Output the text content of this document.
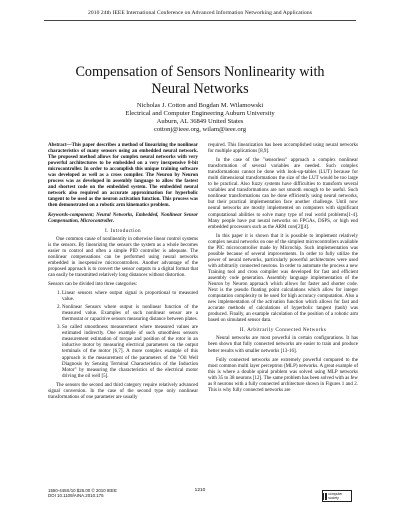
2010 24th IEEE International Conference on Advanced Information Networking and Applications
Compensation of Sensors Nonlinearity with
Neural Networks
Nicholas J. Cotton and Bogdan M. Wilamowski
Electrical and Computer Engineering Auburn University
Auburn, AL 36849 United States
cottonj@ieee.org, wilam@ieee.org

Abstract—This paper describes a method of linearizing the nonlinear characteristics of many sensors using an embedded neural network. The proposed method allows for complex neural networks with very powerful architectures to be embedded on a very inexpensive 8-bit microcontroller. In order to accomplish this unique training software was developed as well as a cross compiler. The Neuron by Neuron process was as developed in assembly language to allow the fastest and shortest code on the embedded system. The embedded neural network also required an accurate approximation for hyperbolic tangent to be used as the neuron activation function. This process was then demonstrated on a robotic arm kinematics problem.

Keywords-component; Neural Networks, Embedded, Nonlinear Sensor Compensation, Microcontroller.

I. Introduction

One common cause of nonlinearity in otherwise linear control systems is the sensors. By linearizing the sensors the system as a whole becomes easier to control and often a simple PID controller is adequate. The nonlinear compensations can be performed using neural networks embedded in inexpensive microcontrollers. Another advantage of the proposed approach is to convert the sensor outputs to a digital format that can easily be transmitted relatively long distances without distortion.

Sensors can be divided into three categories:

1. Linear sensors where output signal is proportional to measured value.
2. Nonlinear Sensors where output is nonlinear function of the measured value. Examples of such nonlinear sensor are a thermostat or capacitive sensors measuring distance between plates.
3. So called smoothness measurement where measured values are estimated indirectly. One example of such smoothless sensors measurement estimation of torque and position of the rotor in an inductive motor by measuring electrical parameters on the output terminals of the motor [6,7]. A more complex example of this approach is the measurement of the parameters of the "Oil Well Diagnosis by Sensing Terminal Characteristics of the Induction Motor" by measuring the characteristics of the electrical motor driving the oil well [5].

The sensors the second and third category require relatively advanced signal conversion. In the case of the second type only nonlinear transformations of one parameter are usually

required. This linearization has been accomplished using neural networks for multiple applications [8,9].

In the case of the "sensorless" approach a complex nonlinear transformation of several variables are needed. Such complex transformations cannot be done with look-up-tables (LUT) because for multi dimensional transformations the size of the LUT would be too large to be practical. Also fuzzy systems have difficulties to transform several variables and transformations are not smooth enough to be useful. Such nonlinear transformations can be done efficiently using neural networks, but their practical implementation face another challenge. Until now neural networks are mostly implemented on computers with significant computational abilities to solve many type of real world problems[1-4]. Many people have put neural networks on FPGAs, DSPS, or high end embedded processors such as the ARM core[2][4].

In this paper it is shown that it is possible to implement relatively complex neural networks on one of the simplest microcontrollers available the PIC microcontroller made by Microchip. Such implementation was possible because of several improvements. In order to fully utilize the power of neural networks, particularly powerful architectures were used with arbitrarily connected neurons. In order to automate the process a new Training tool and cross compiler was developed for fast and efficient assembly code generation. Assembly language implementation of the Neuron by Neuron approach which allows for faster and shorter code. Next is the pseudo floating point calculations which allow for integer computation complexity to be used for high accuracy computation. Also a new implementation of the activation function which allows for fast and accurate methods of calculations of hyperbolic tangent (tanh) was produced. Finally, an example calculation of the position of a robotic arm based on simulated sensor data.

II. Arbitrarily Connected Networks

Neural networks are most powerful in certain configurations. It has been shown that fully connected networks are easier to train and produce better results with smaller networks [13-16].

Fully connected networks are extremely powerful compared to the most common multi layer perceptron (MLP) networks. A great example of this is where a double spiral problem was solved using MLP networks with 35 to 38 neurons [12]. The same problem has been solved with as few as 8 neurons with a fully connected architecture shown in Figures 1 and 2. This is why fully connected networks are

1550-445X/10 $26.00 © 2010 IEEE
DOI 10.1109/AINA.2010.175
1210
computer society
